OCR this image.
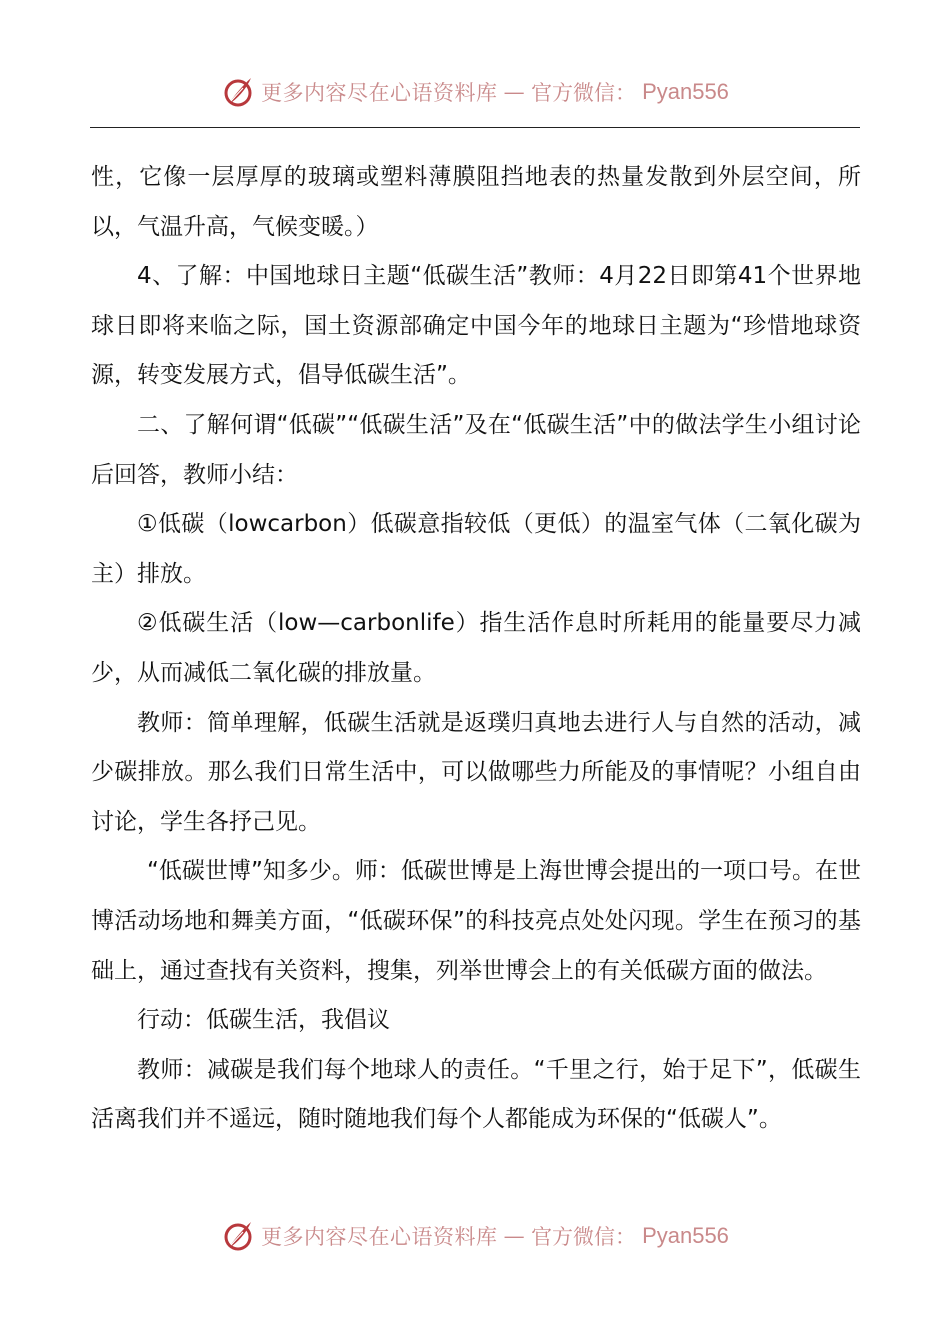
更多内容尽在心语资料库 — 官方微信： Pyan556

性，它像一层厚厚的玻璃或塑料薄膜阻挡地表的热量发散到外层空间，所以，气温升高，气候变暖。）

4、了解：中国地球日主题“低碳生活”教师：4月22日即第41个世界地球日即将来临之际，国土资源部确定中国今年的地球日主题为“珍惜地球资源，转变发展方式，倡导低碳生活”。

二、了解何谓“低碳”“低碳生活”及在“低碳生活”中的做法学生小组讨论后回答，教师小结：

①低碳（lowcarbon）低碳意指较低（更低）的温室气体（二氧化碳为主）排放。

②低碳生活（low—carbonlife）指生活作息时所耗用的能量要尽力减少，从而减低二氧化碳的排放量。

教师：简单理解，低碳生活就是返璞归真地去进行人与自然的活动，减少碳排放。那么我们日常生活中，可以做哪些力所能及的事情呢？小组自由讨论，学生各抒己见。

“低碳世博”知多少。师：低碳世博是上海世博会提出的一项口号。在世博活动场地和舞美方面，“低碳环保”的科技亮点处处闪现。学生在预习的基础上，通过查找有关资料，搜集，列举世博会上的有关低碳方面的做法。

行动：低碳生活，我倡议

教师：减碳是我们每个地球人的责任。“千里之行，始于足下”，低碳生活离我们并不遥远，随时随地我们每个人都能成为环保的“低碳人”。

更多内容尽在心语资料库 — 官方微信： Pyan556
